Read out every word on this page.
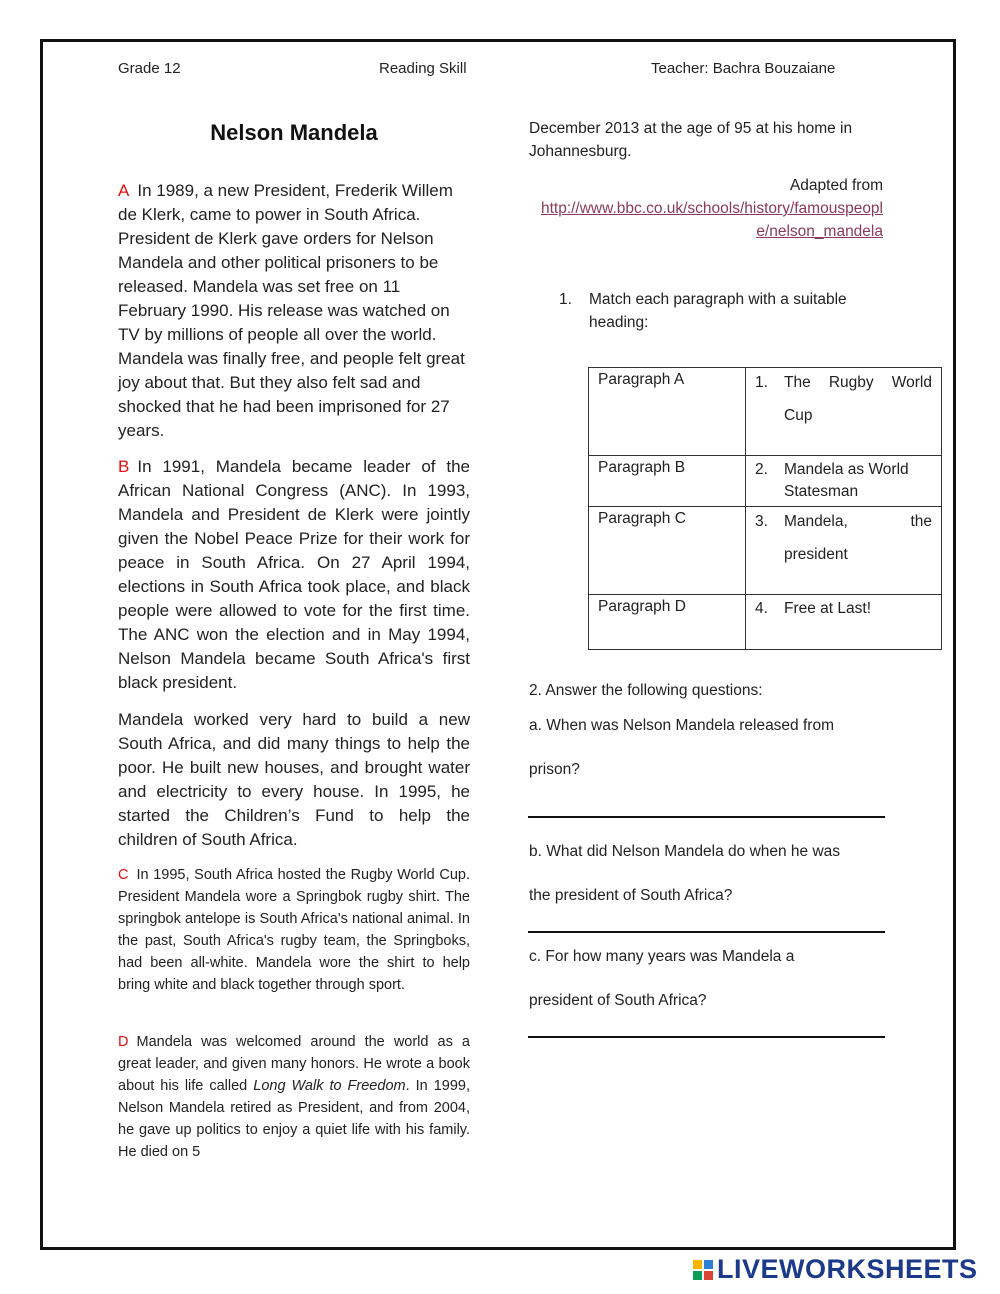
Grade 12	Reading Skill	Teacher: Bachra Bouzaiane
Nelson Mandela
A In 1989, a new President, Frederik Willem de Klerk, came to power in South Africa. President de Klerk gave orders for Nelson Mandela and other political prisoners to be released. Mandela was set free on 11 February 1990. His release was watched on TV by millions of people all over the world. Mandela was finally free, and people felt great joy about that. But they also felt sad and shocked that he had been imprisoned for 27 years.
B In 1991, Mandela became leader of the African National Congress (ANC). In 1993, Mandela and President de Klerk were jointly given the Nobel Peace Prize for their work for peace in South Africa. On 27 April 1994, elections in South Africa took place, and black people were allowed to vote for the first time. The ANC won the election and in May 1994, Nelson Mandela became South Africa's first black president.
Mandela worked very hard to build a new South Africa, and did many things to help the poor. He built new houses, and brought water and electricity to every house. In 1995, he started the Children’s Fund to help the children of South Africa.
C In 1995, South Africa hosted the Rugby World Cup. President Mandela wore a Springbok rugby shirt. The springbok antelope is South Africa's national animal. In the past, South Africa's rugby team, the Springboks, had been all-white. Mandela wore the shirt to help bring white and black together through sport.
D Mandela was welcomed around the world as a great leader, and given many honors. He wrote a book about his life called Long Walk to Freedom. In 1999, Nelson Mandela retired as President, and from 2004, he gave up politics to enjoy a quiet life with his family. He died on 5
December 2013 at the age of 95 at his home in Johannesburg.
Adapted from
http://www.bbc.co.uk/schools/history/famouspeople/nelson_mandela
1. Match each paragraph with a suitable heading:
Paragraph A	1. The Rugby World Cup

Paragraph B	2. Mandela as World Statesman

Paragraph C	3. Mandela, the president

Paragraph D	4. Free at Last!
2. Answer the following questions:
a. When was Nelson Mandela released from
prison?
b. What did Nelson Mandela do when he was
the president of South Africa?
c. For how many years was Mandela a
president of South Africa?
LIVEWORKSHEETS
